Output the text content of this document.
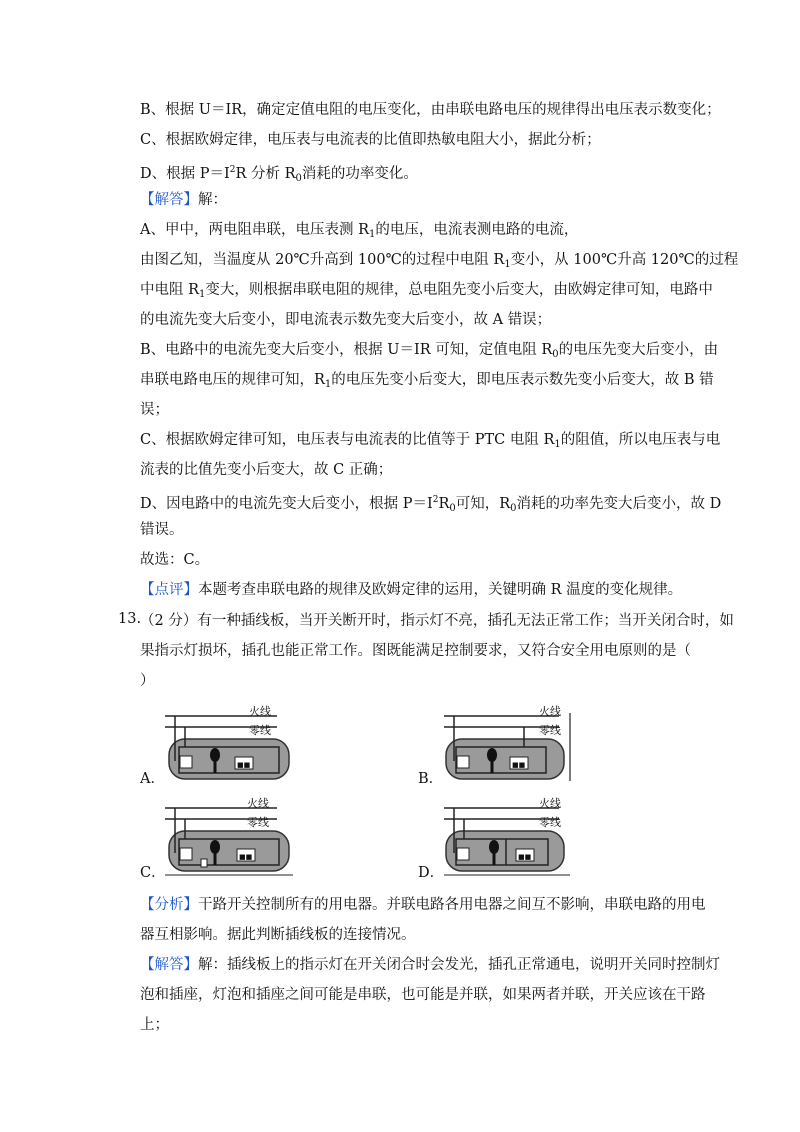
B、根据 U＝IR，确定定值电阻的电压变化，由串联电路电压的规律得出电压表示数变化；
C、根据欧姆定律，电压表与电流表的比值即热敏电阻大小，据此分析；
D、根据 $P=I^2R$ 分析 $R_0$消耗的功率变化。
【解答】解：
A、甲中，两电阻串联，电压表测 $R_1$的电压，电流表测电路的电流，
由图乙知，当温度从 20℃升高到 100℃的过程中电阻 $R_1$变小，从 100℃升高 120℃的过程
中电阻 $R_1$变大，则根据串联电阻的规律，总电阻先变小后变大，由欧姆定律可知，电路中
的电流先变大后变小，即电流表示数先变大后变小，故 A 错误；
B、电路中的电流先变大后变小，根据 U＝IR 可知，定值电阻 $R_0$的电压先变大后变小，由
串联电路电压的规律可知，$R_1$的电压先变小后变大，即电压表示数先变小后变大，故 B 错
误；
C、根据欧姆定律可知，电压表与电流表的比值等于 PTC 电阻 $R_1$的阻值，所以电压表与电
流表的比值先变小后变大，故 C 正确；
D、因电路中的电流先变大后变小，根据 $P=I^2R_0$可知，$R_0$消耗的功率先变大后变小，故 D
错误。
故选：C。
【点评】本题考查串联电路的规律及欧姆定律的运用，关键明确 R 温度的变化规律。
13.
（2 分）有一种插线板，当开关断开时，指示灯不亮，插孔无法正常工作；当开关闭合时，如
果指示灯损坏，插孔也能正常工作。图既能满足控制要求，又符合安全用电原则的是（
）
A．
火线
零线
■■
B．
火线
零线
■■
C．
火线
零线
■■
D．
火线
零线
■■
【分析】干路开关控制所有的用电器。并联电路各用电器之间互不影响，串联电路的用电
器互相影响。据此判断插线板的连接情况。
【解答】解：插线板上的指示灯在开关闭合时会发光，插孔正常通电，说明开关同时控制灯
泡和插座，灯泡和插座之间可能是串联，也可能是并联，如果两者并联，开关应该在干路
上；
